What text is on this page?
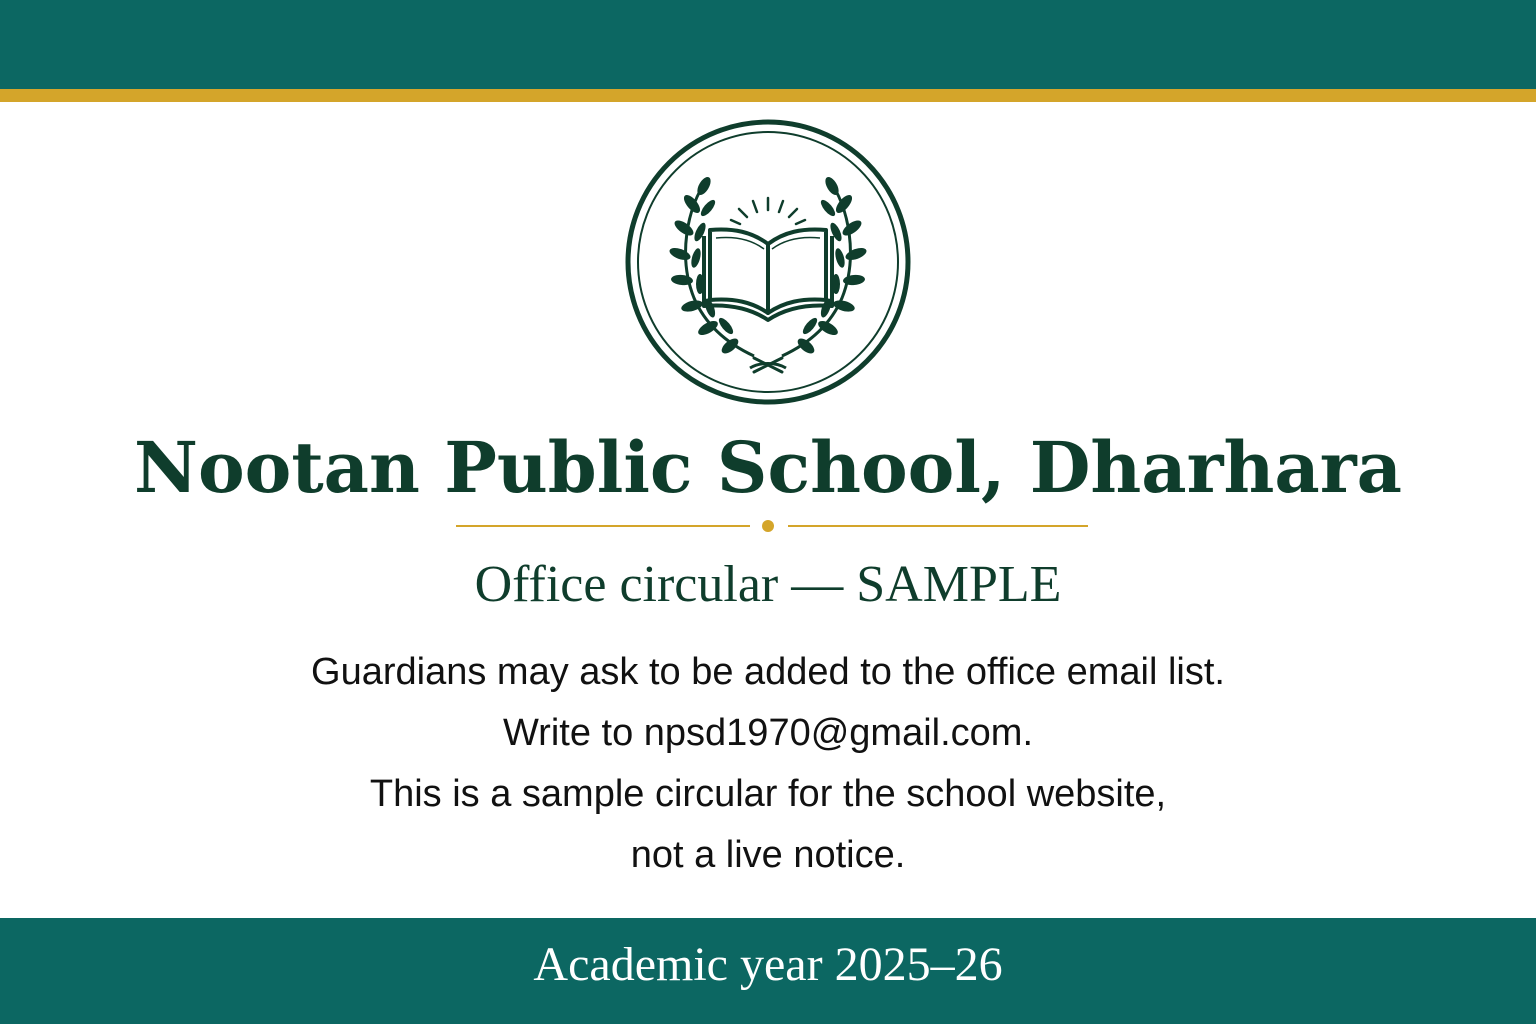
Nootan Public School, Dharhara
Office circular — SAMPLE
Guardians may ask to be added to the office email list.
Write to npsd1970@gmail.com.
This is a sample circular for the school website,
not a live notice.
Academic year 2025–26
